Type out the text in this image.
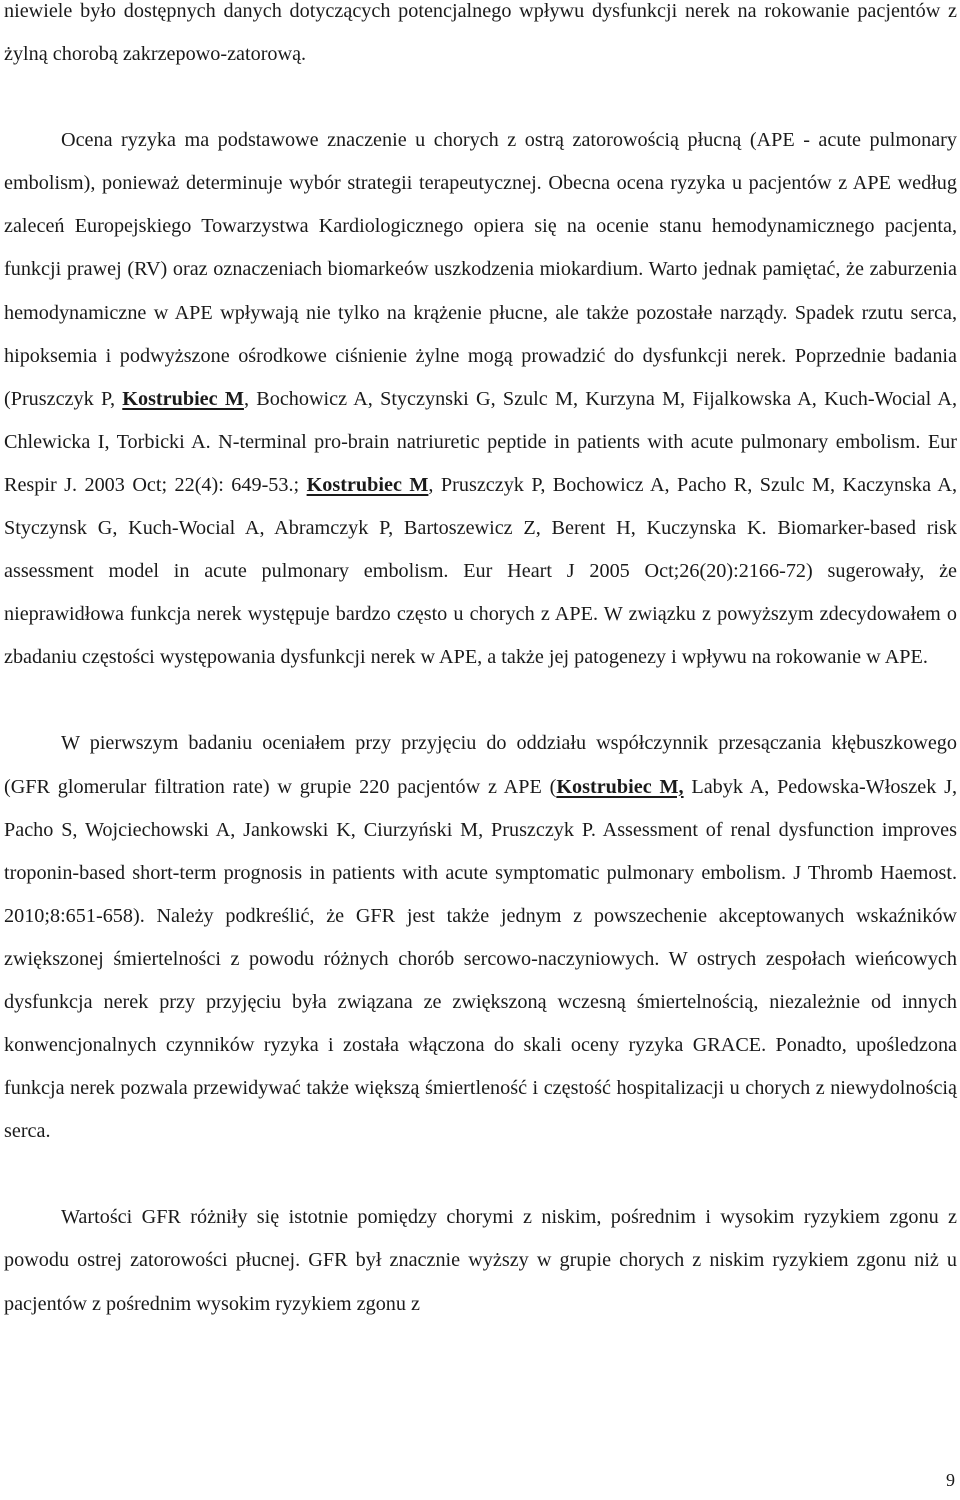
niewiele było dostępnych danych dotyczących potencjalnego wpływu dysfunkcji nerek na rokowanie pacjentów z żylną chorobą zakrzepowo-zatorową.

Ocena ryzyka ma podstawowe znaczenie u chorych z ostrą zatorowością płucną (APE - acute pulmonary embolism), ponieważ determinuje wybór strategii terapeutycznej. Obecna ocena ryzyka u pacjentów z APE według zaleceń Europejskiego Towarzystwa Kardiologicznego opiera się na ocenie stanu hemodynamicznego pacjenta, funkcji prawej (RV) oraz oznaczeniach biomarkeów uszkodzenia miokardium. Warto jednak pamiętać, że zaburzenia hemodynamiczne w APE wpływają nie tylko na krążenie płucne, ale także pozostałe narządy. Spadek rzutu serca, hipoksemia i podwyższone ośrodkowe ciśnienie żylne mogą prowadzić do dysfunkcji nerek. Poprzednie badania (Pruszczyk P, Kostrubiec M, Bochowicz A, Styczynski G, Szulc M, Kurzyna M, Fijalkowska A, Kuch-Wocial A, Chlewicka I, Torbicki A. N-terminal pro-brain natriuretic peptide in patients with acute pulmonary embolism. Eur Respir J. 2003 Oct; 22(4): 649-53.; Kostrubiec M, Pruszczyk P, Bochowicz A, Pacho R, Szulc M, Kaczynska A, Styczynsk G, Kuch-Wocial A, Abramczyk P, Bartoszewicz Z, Berent H, Kuczynska K. Biomarker-based risk assessment model in acute pulmonary embolism. Eur Heart J 2005 Oct;26(20):2166-72) sugerowały, że nieprawidłowa funkcja nerek występuje bardzo często u chorych z APE. W związku z powyższym zdecydowałem o zbadaniu częstości występowania dysfunkcji nerek w APE, a także jej patogenezy i wpływu na rokowanie w APE.

W pierwszym badaniu oceniałem przy przyjęciu do oddziału współczynnik przesączania kłębuszkowego (GFR glomerular filtration rate) w grupie 220 pacjentów z APE (Kostrubiec M, Labyk A, Pedowska-Włoszek J, Pacho S, Wojciechowski A, Jankowski K, Ciurzyński M, Pruszczyk P. Assessment of renal dysfunction improves troponin-based short-term prognosis in patients with acute symptomatic pulmonary embolism. J Thromb Haemost. 2010;8:651-658). Należy podkreślić, że GFR jest także jednym z powszechenie akceptowanych wskaźników zwiększonej śmiertelności z powodu różnych chorób sercowo-naczyniowych. W ostrych zespołach wieńcowych dysfunkcja nerek przy przyjęciu była związana ze zwiększoną wczesną śmiertelnością, niezależnie od innych konwencjonalnych czynników ryzyka i została włączona do skali oceny ryzyka GRACE. Ponadto, upośledzona funkcja nerek pozwala przewidywać także większą śmiertleność i częstość hospitalizacji u chorych z niewydolnością serca.

Wartości GFR różniły się istotnie pomiędzy chorymi z niskim, pośrednim i wysokim ryzykiem zgonu z powodu ostrej zatorowości płucnej. GFR był znacznie wyższy w grupie chorych z niskim ryzykiem zgonu niż u pacjentów z pośrednim wysokim ryzykiem zgonu z

9
